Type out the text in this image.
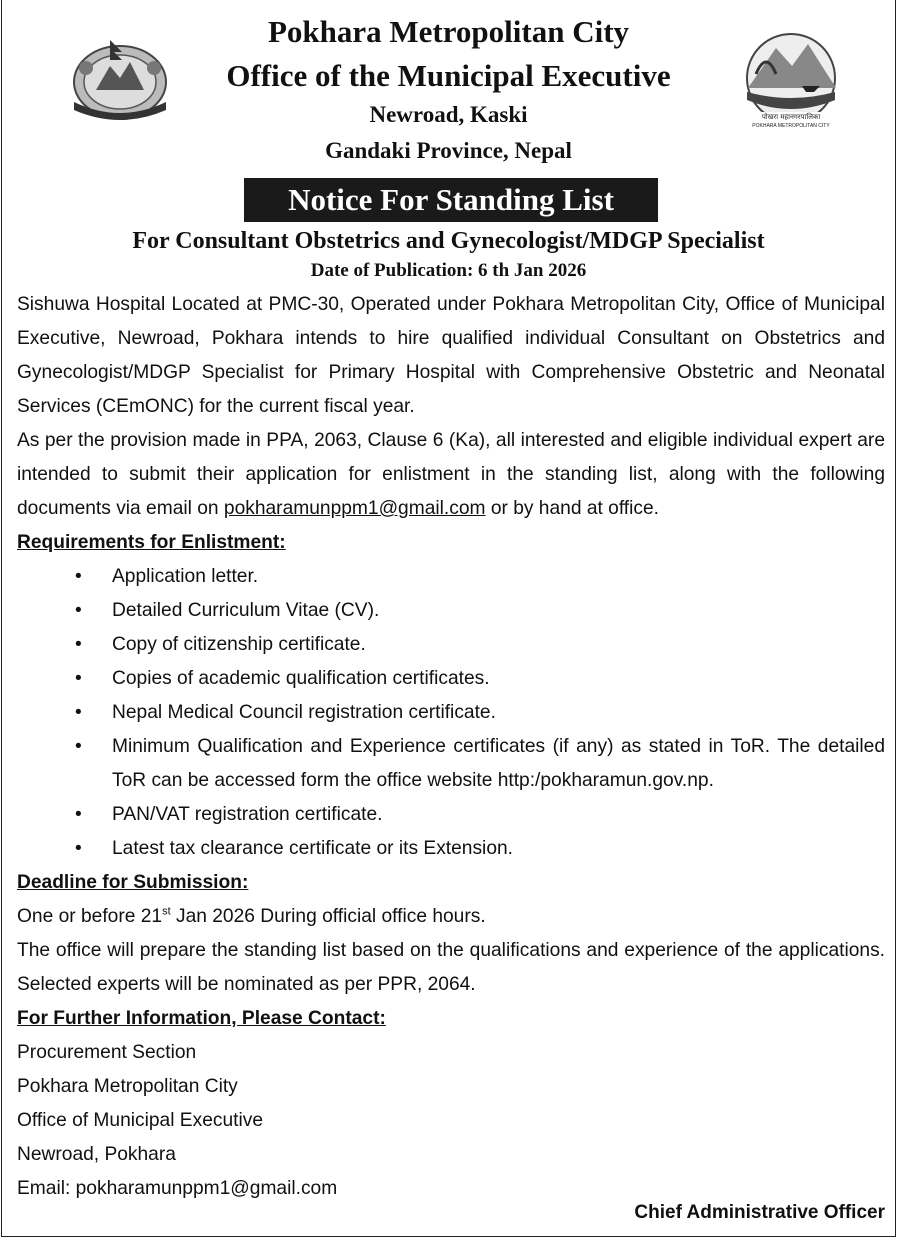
पोखरा महानगरपालिका
POKHARA METROPOLITAN CITY
Pokhara Metropolitan City
Office of the Municipal Executive
Newroad, Kaski
Gandaki Province, Nepal
Notice For Standing List
For Consultant Obstetrics and Gynecologist/MDGP Specialist
Date of Publication: 6 th Jan 2026

Sishuwa Hospital Located at PMC-30, Operated under Pokhara Metropolitan City, Office of Municipal Executive, Newroad, Pokhara intends to hire qualified individual Consultant on Obstetrics and Gynecologist/MDGP Specialist for Primary Hospital with Comprehensive Obstetric and Neonatal Services (CEmONC) for the current fiscal year.

As per the provision made in PPA, 2063, Clause 6 (Ka), all interested and eligible individual expert are intended to submit their application for enlistment in the standing list, along with the following documents via email on pokharamunppm1@gmail.com or by hand at office.

Requirements for Enlistment:

• Application letter.
• Detailed Curriculum Vitae (CV).
• Copy of citizenship certificate.
• Copies of academic qualification certificates.
• Nepal Medical Council registration certificate.
• Minimum Qualification and Experience certificates (if any) as stated in ToR. The detailed ToR can be accessed form the office website http:/pokharamun.gov.np.
• PAN/VAT registration certificate.
• Latest tax clearance certificate or its Extension.

Deadline for Submission:

One or before 21st Jan 2026 During official office hours.

The office will prepare the standing list based on the qualifications and experience of the applications. Selected experts will be nominated as per PPR, 2064.

For Further Information, Please Contact:

Procurement Section

Pokhara Metropolitan City

Office of Municipal Executive

Newroad, Pokhara

Email: pokharamunppm1@gmail.com

Chief Administrative Officer
